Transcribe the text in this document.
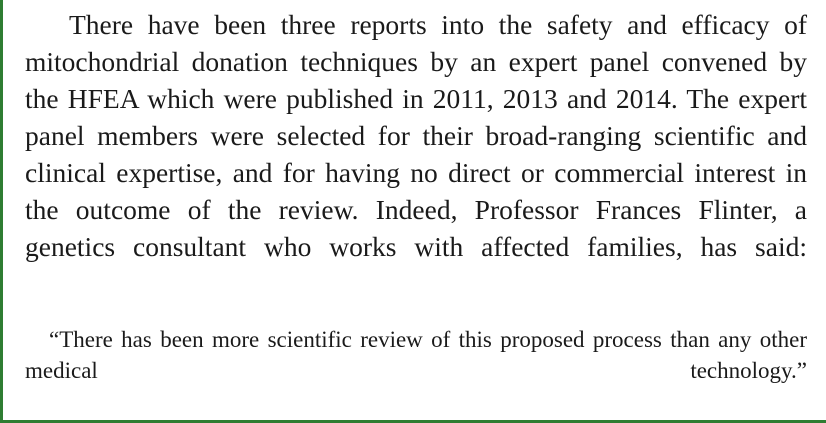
There have been three reports into the safety and efficacy of mitochondrial donation techniques by an expert panel convened by the HFEA which were published in 2011, 2013 and 2014. The expert panel members were selected for their broad-ranging scientific and clinical expertise, and for having no direct or commercial interest in the outcome of the review. Indeed, Professor Frances Flinter, a genetics consultant who works with affected families, has said:

“There has been more scientific review of this proposed process than any other medical technology.”
